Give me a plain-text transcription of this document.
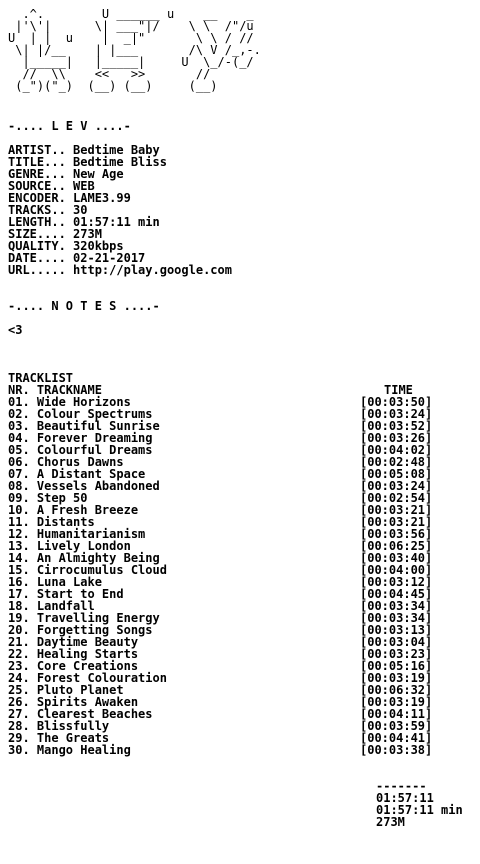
.^.        U ______ u    __    _
|'\'|      \| ___"|/    \ \  /"/u
U  | |  u    |  _|"       \ \ / //
\| |/__    | |___       /\ V /_,-.
|_____|   |_____|     U  \_/-(_/
//  \\    <<   >>       //
(_")("_)  (__) (__)     (__)
-.... L E V ....-
ARTIST.. Bedtime Baby
TITLE... Bedtime Bliss
GENRE... New Age
SOURCE.. WEB
ENCODER. LAME3.99
TRACKS.. 30
LENGTH.. 01:57:11 min
SIZE.... 273M
QUALITY. 320kbps
DATE.... 02-21-2017
URL..... http://play.google.com
-.... N O T E S ....-
<3
TRACKLIST
NR. TRACKNAME	TIME
01. Wide Horizons	[00:03:50]
02. Colour Spectrums	[00:03:24]
03. Beautiful Sunrise	[00:03:52]
04. Forever Dreaming	[00:03:26]
05. Colourful Dreams	[00:04:02]
06. Chorus Dawns	[00:02:48]
07. A Distant Space	[00:05:08]
08. Vessels Abandoned	[00:03:24]
09. Step 50	[00:02:54]
10. A Fresh Breeze	[00:03:21]
11. Distants	[00:03:21]
12. Humanitarianism	[00:03:56]
13. Lively London	[00:06:25]
14. An Almighty Being	[00:03:40]
15. Cirrocumulus Cloud	[00:04:00]
16. Luna Lake	[00:03:12]
17. Start to End	[00:04:45]
18. Landfall	[00:03:34]
19. Travelling Energy	[00:03:34]
20. Forgetting Songs	[00:03:13]
21. Daytime Beauty	[00:03:04]
22. Healing Starts	[00:03:23]
23. Core Creations	[00:05:16]
24. Forest Colouration	[00:03:19]
25. Pluto Planet	[00:06:32]
26. Spirits Awaken	[00:03:19]
27. Clearest Beaches	[00:04:11]
28. Blissfully	[00:03:59]
29. The Greats	[00:04:41]
30. Mango Healing	[00:03:38]
-------
01:57:11
01:57:11 min
273M
